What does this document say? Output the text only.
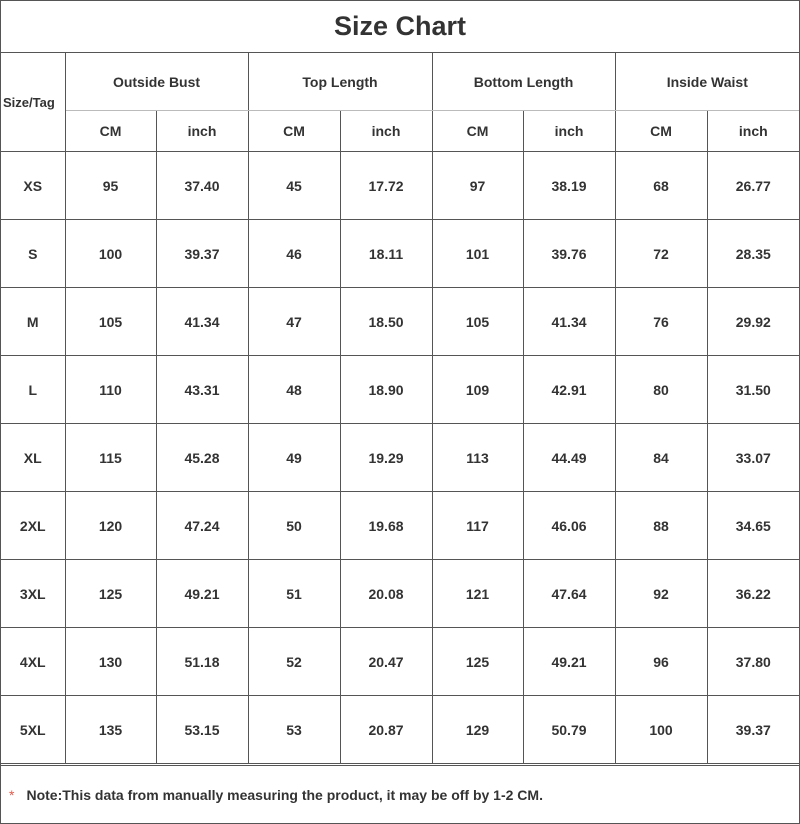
Size Chart
Size/Tag	Outside Bust		Top Length		Bottom Length		Inside Waist	
	CM	inch	CM	inch	CM	inch	CM	inch
XS	95	37.40	45	17.72	97	38.19	68	26.77
S	100	39.37	46	18.11	101	39.76	72	28.35
M	105	41.34	47	18.50	105	41.34	76	29.92
L	110	43.31	48	18.90	109	42.91	80	31.50
XL	115	45.28	49	19.29	113	44.49	84	33.07
2XL	120	47.24	50	19.68	117	46.06	88	34.65
3XL	125	49.21	51	20.08	121	47.64	92	36.22
4XL	130	51.18	52	20.47	125	49.21	96	37.80
5XL	135	53.15	53	20.87	129	50.79	100	39.37
* Note:This data from manually measuring the product, it may be off by 1-2 CM.
